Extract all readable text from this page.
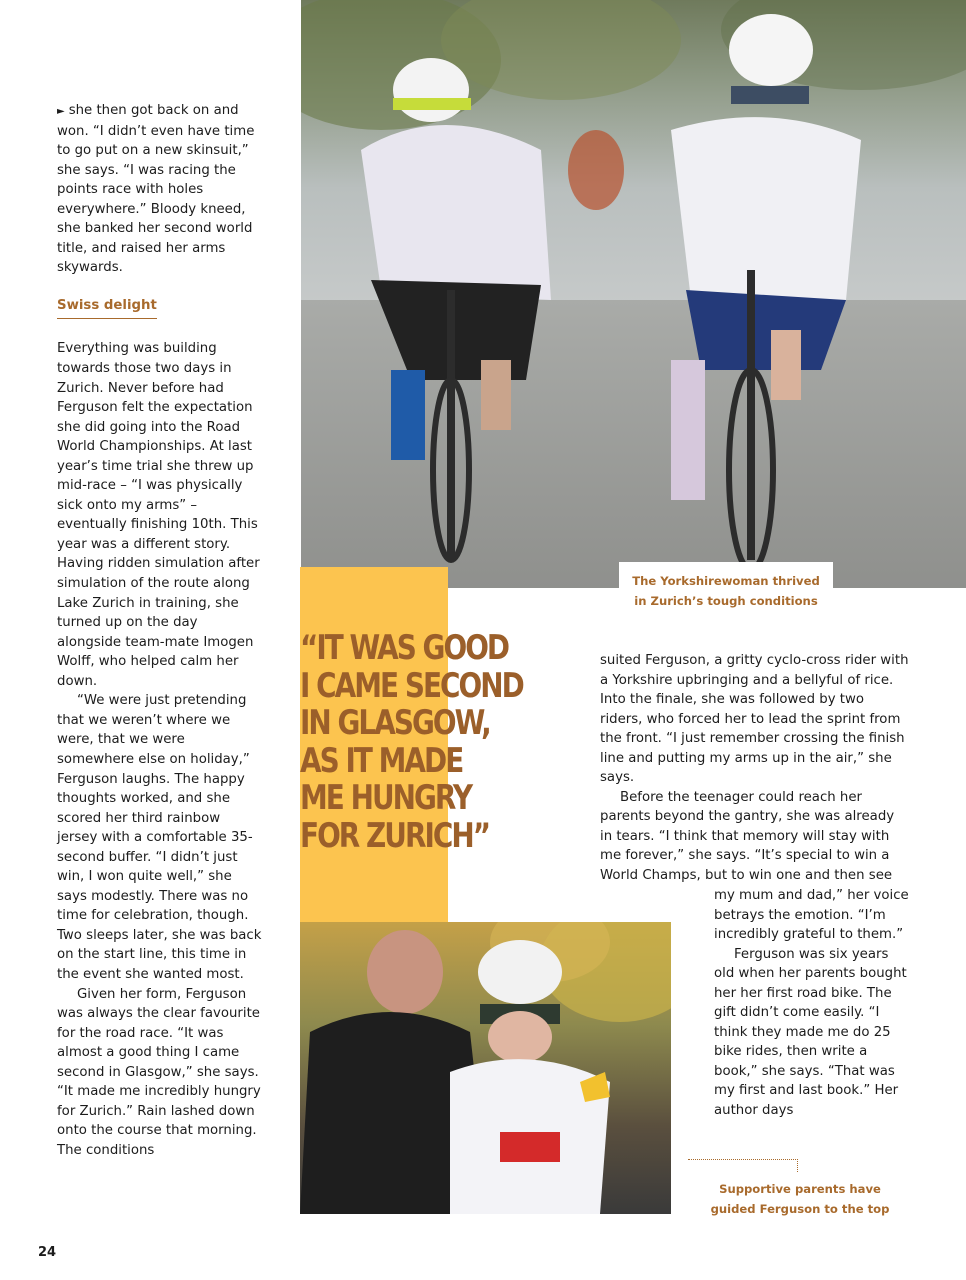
“IT WAS GOOD
I CAME SECOND
IN GLASGOW,
AS IT MADE
ME HUNGRY
FOR ZURICH”
The Yorkshirewoman thrived
in Zurich’s tough conditions

► she then got back on and won. “I didn’t even have time to go put on a new skinsuit,” she says. “I was racing the points race with holes everywhere.” Bloody kneed, she banked her second world title, and raised her arms skywards.

Swiss delight

Everything was building towards those two days in Zurich. Never before had Ferguson felt the expectation she did going into the Road World Championships. At last year’s time trial she threw up mid-race – “I was physically sick onto my arms” – eventually finishing 10th. This year was a different story. Having ridden simulation after simulation of the route along Lake Zurich in training, she turned up on the day alongside team-mate Imogen Wolff, who helped calm her down.

“We were just pretending that we weren’t where we were, that we were somewhere else on holiday,” Ferguson laughs. The happy thoughts worked, and she scored her third rainbow jersey with a comfortable 35-second buffer. “I didn’t just win, I won quite well,” she says modestly. There was no time for celebration, though. Two sleeps later, she was back on the start line, this time in the event she wanted most.

Given her form, Ferguson was always the clear favourite for the road race. “It was almost a good thing I came second in Glasgow,” she says. “It made me incredibly hungry for Zurich.” Rain lashed down onto the course that morning. The conditions

suited Ferguson, a gritty cyclo-cross rider with a Yorkshire upbringing and a bellyful of rice. Into the finale, she was followed by two riders, who forced her to lead the sprint from the front. “I just remember crossing the finish line and putting my arms up in the air,” she says.

Before the teenager could reach her parents beyond the gantry, she was already in tears. “I think that memory will stay with me forever,” she says. “It’s special to win a World Champs, but to win one and then see

my mum and dad,” her voice betrays the emotion. “I’m incredibly grateful to them.”

Ferguson was six years old when her parents bought her her first road bike. The gift didn’t come easily. “I think they made me do 25 bike rides, then write a book,” she says. “That was my first and last book.” Her author days

Supportive parents have
guided Ferguson to the top
24
